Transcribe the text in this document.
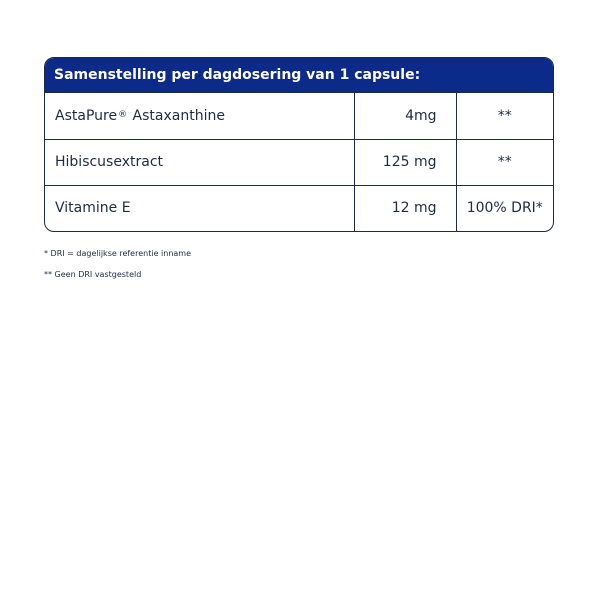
Samenstelling per dagdosering van 1 capsule:
AstaPure® Astaxanthine	4mg	**
Hibiscusextract	125 mg	**
Vitamine E	12 mg	100% DRI*
* DRI = dagelijkse referentie inname
** Geen DRI vastgesteld
